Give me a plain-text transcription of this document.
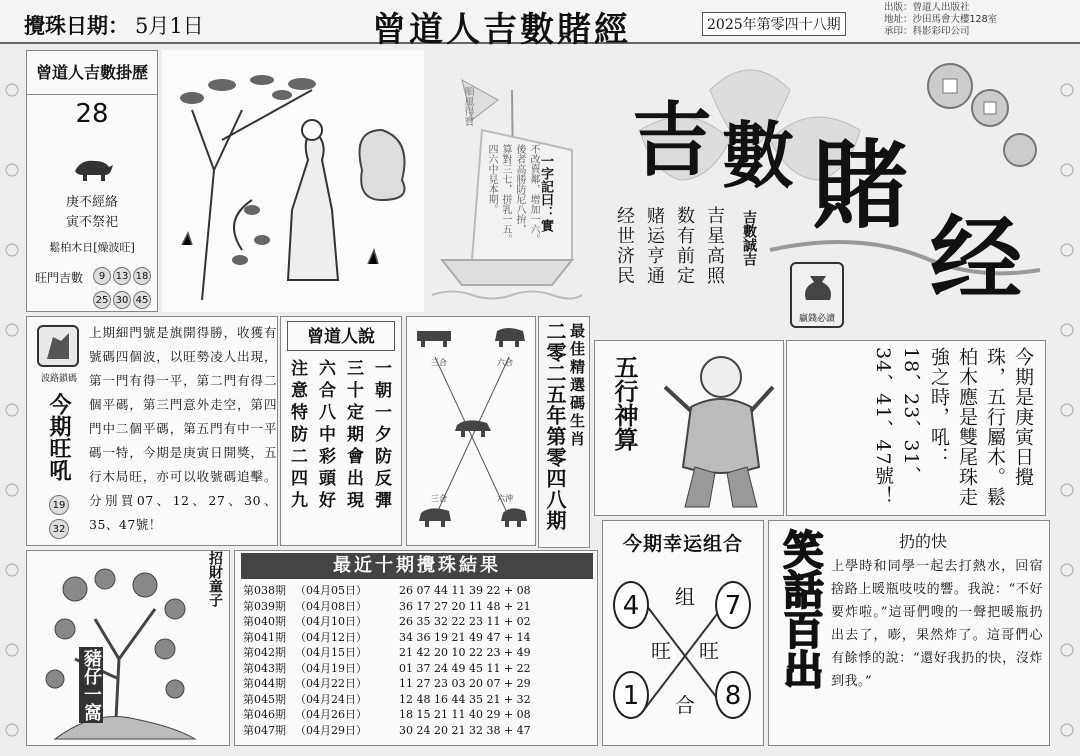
攪珠日期： 5月1日	曾道人吉數賭經	2025年第零四十八期
出版：曾道人出版社
地址：沙田馬會大樓128室
承印：科影彩印公司
曾道人吉數掛歷
28
庚不經絡
寅不祭祀
鬆柏木日[燥波旺]
旺門吉數	9	13 18
25 30 45
順風得寶
不改賣鄰，增加一六。
後者高勝防尼八拚，
算對三七，拼乳一五。
四六中見本期。	一字記曰：實
吉 數 賭
经
经世济民 赌运亨通 数有前定 吉星高照 吉數誠吉
贏錢必讀
波路鎖碼
今期旺吼
上期細門號是旗開得勝，收獲有號碼四個波，以旺勢凌人出現，第一門有得一平，第二門有得二個平碼，第三門意外走空，第四門中二個平碼，第五門有中一平碼一特，今期是庚寅日開獎，五行木局旺，亦可以收號碼追擊。分別買07、12、27、30、35、47號！
19
32
曾道人說
一朝一夕防反彈
三十定期會出現
六合八中彩頭好
注意特防二四九	三合	六合
三合	六沖
最佳精選碼生肖
二零二五年第零四八期 五行神算	今期是庚寅日攪珠，五行屬木。鬆柏木應是雙尾珠走強之時，吼：18、23、31、34、41、47號！
招財童子
豬仔一窩
最近十期攪珠結果
第038期 （04月05日）	26 07 44 11 39 22 + 08
第039期 （04月08日）	36 17 27 20 11 48 + 21
第040期 （04月10日）	26 35 32 22 23 11 + 02
第041期 （04月12日）	34 36 19 21 49 47 + 14
第042期 （04月15日）	21 42 20 10 22 23 + 49
第043期 （04月19日）	01 37 24 49 45 11 + 22
第044期 （04月22日）	11 27 23 03 20 07 + 29
第045期 （04月24日）	12 48 16 44 35 21 + 32
第046期 （04月26日）	18 15 21 11 40 29 + 08
第047期 （04月29日）	30 24 20 21 32 38 + 47
今期幸运组合
4	7
1	8
组
旺 旺
合
笑話百出	扔的快
上學時和同學一起去打熱水，回宿捨路上暖瓶吱吱的響。我說：“不好要炸啦。”這哥們嗖的一聲把暖瓶扔出去了，嘭，果然炸了。這哥們心有餘悸的說：“還好我扔的快，沒炸到我。”
